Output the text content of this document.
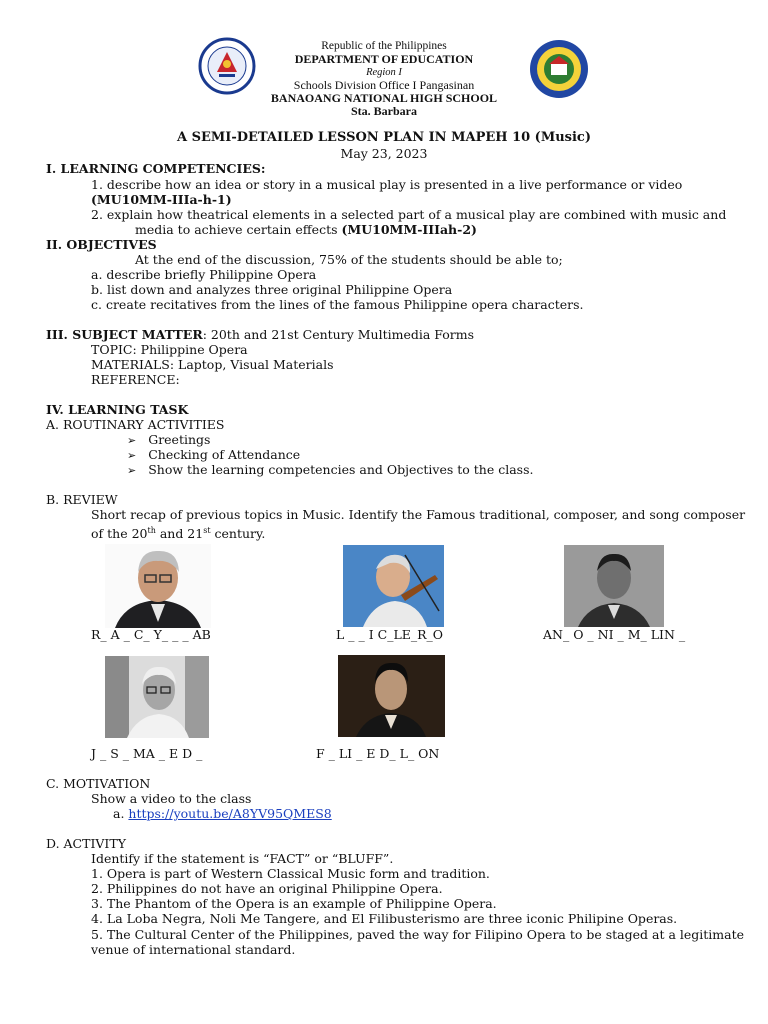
Republic of the Philippines
DEPARTMENT OF EDUCATION
Region I
Schools Division Office I Pangasinan
BANAOANG NATIONAL HIGH SCHOOL
Sta. Barbara
A SEMI-DETAILED LESSON PLAN IN MAPEH 10 (Music)
May 23, 2023
I. LEARNING COMPETENCIES:
1. describe how an idea or story in a musical play is presented in a live performance or video
(MU10MM-IIIa-h-1)
2. explain how theatrical elements in a selected part of a musical play are combined with music and
media to achieve certain effects (MU10MM-IIIah-2)
II. OBJECTIVES
At the end of the discussion, 75% of the students should be able to;
a. describe briefly Philippine Opera
b. list down and analyzes three original Philippine Opera
c. create recitatives from the lines of the famous Philippine opera characters.
III. SUBJECT MATTER: 20th and 21st Century Multimedia Forms
TOPIC: Philippine Opera
MATERIALS: Laptop, Visual Materials
REFERENCE:
IV. LEARNING TASK
A. ROUTINARY ACTIVITIES
➢ Greetings
➢ Checking of Attendance
➢ Show the learning competencies and Objectives to the class.
B. REVIEW
Short recap of previous topics in Music. Identify the Famous traditional, composer, and song composer
of the 20th and 21st century.
R_ A _ C_ Y_ _ _ AB	L _ _ I C_LE_R_O	AN_ O _ NI _ M_ LIN _
J _ S _ MA _ E D _	F _ LI _ E D_ L_ ON
C. MOTIVATION
Show a video to the class
a. https://youtu.be/A8YV95QMES8
D. ACTIVITY
Identify if the statement is “FACT” or “BLUFF”.
1. Opera is part of Western Classical Music form and tradition.
2. Philippines do not have an original Philippine Opera.
3. The Phantom of the Opera is an example of Philippine Opera.
4. La Loba Negra, Noli Me Tangere, and El Filibusterismo are three iconic Philipine Operas.
5. The Cultural Center of the Philippines, paved the way for Filipino Opera to be staged at a legitimate
venue of international standard.
